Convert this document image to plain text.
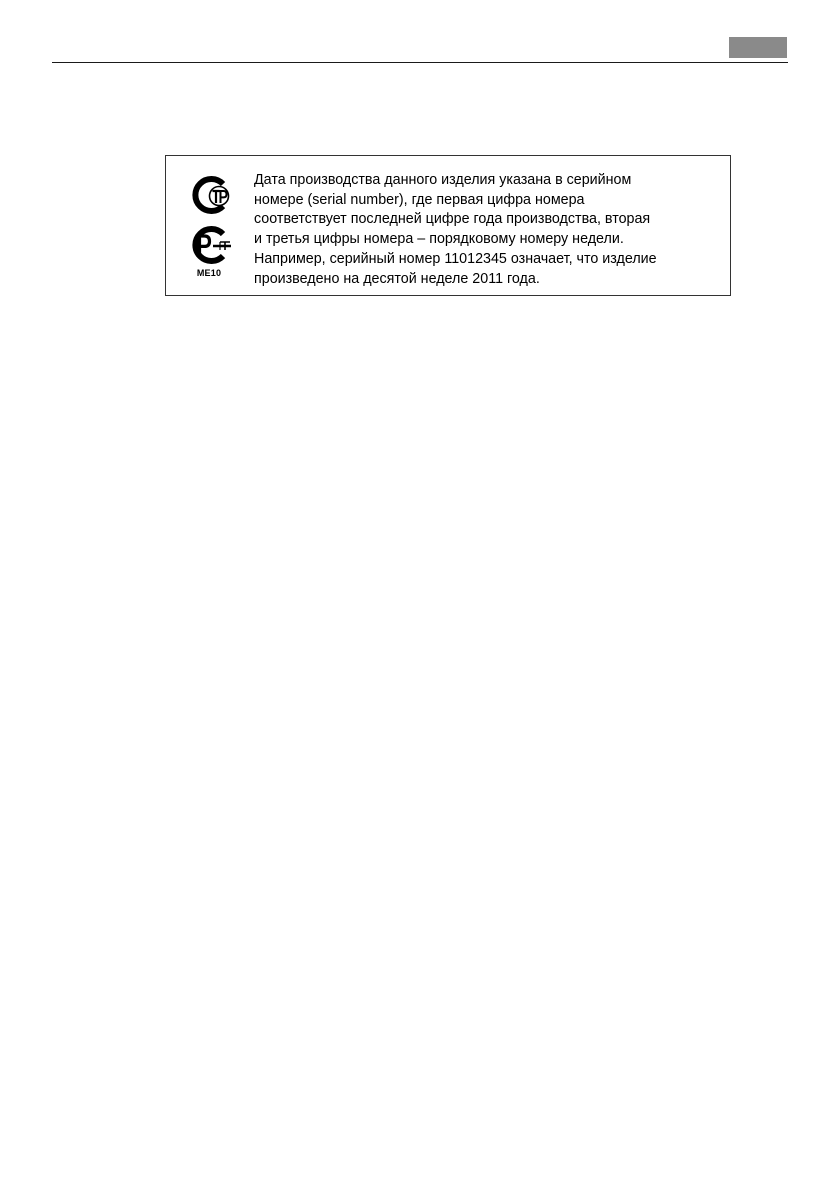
ME10

Дата производства данного изделия указана в серийном
номере (serial number), где первая цифра номера
соответствует последней цифре года производства, вторая
и третья цифры номера – порядковому номеру недели.
Например, серийный номер 11012345 означает, что изделие
произведено на десятой неделе 2011 года.
